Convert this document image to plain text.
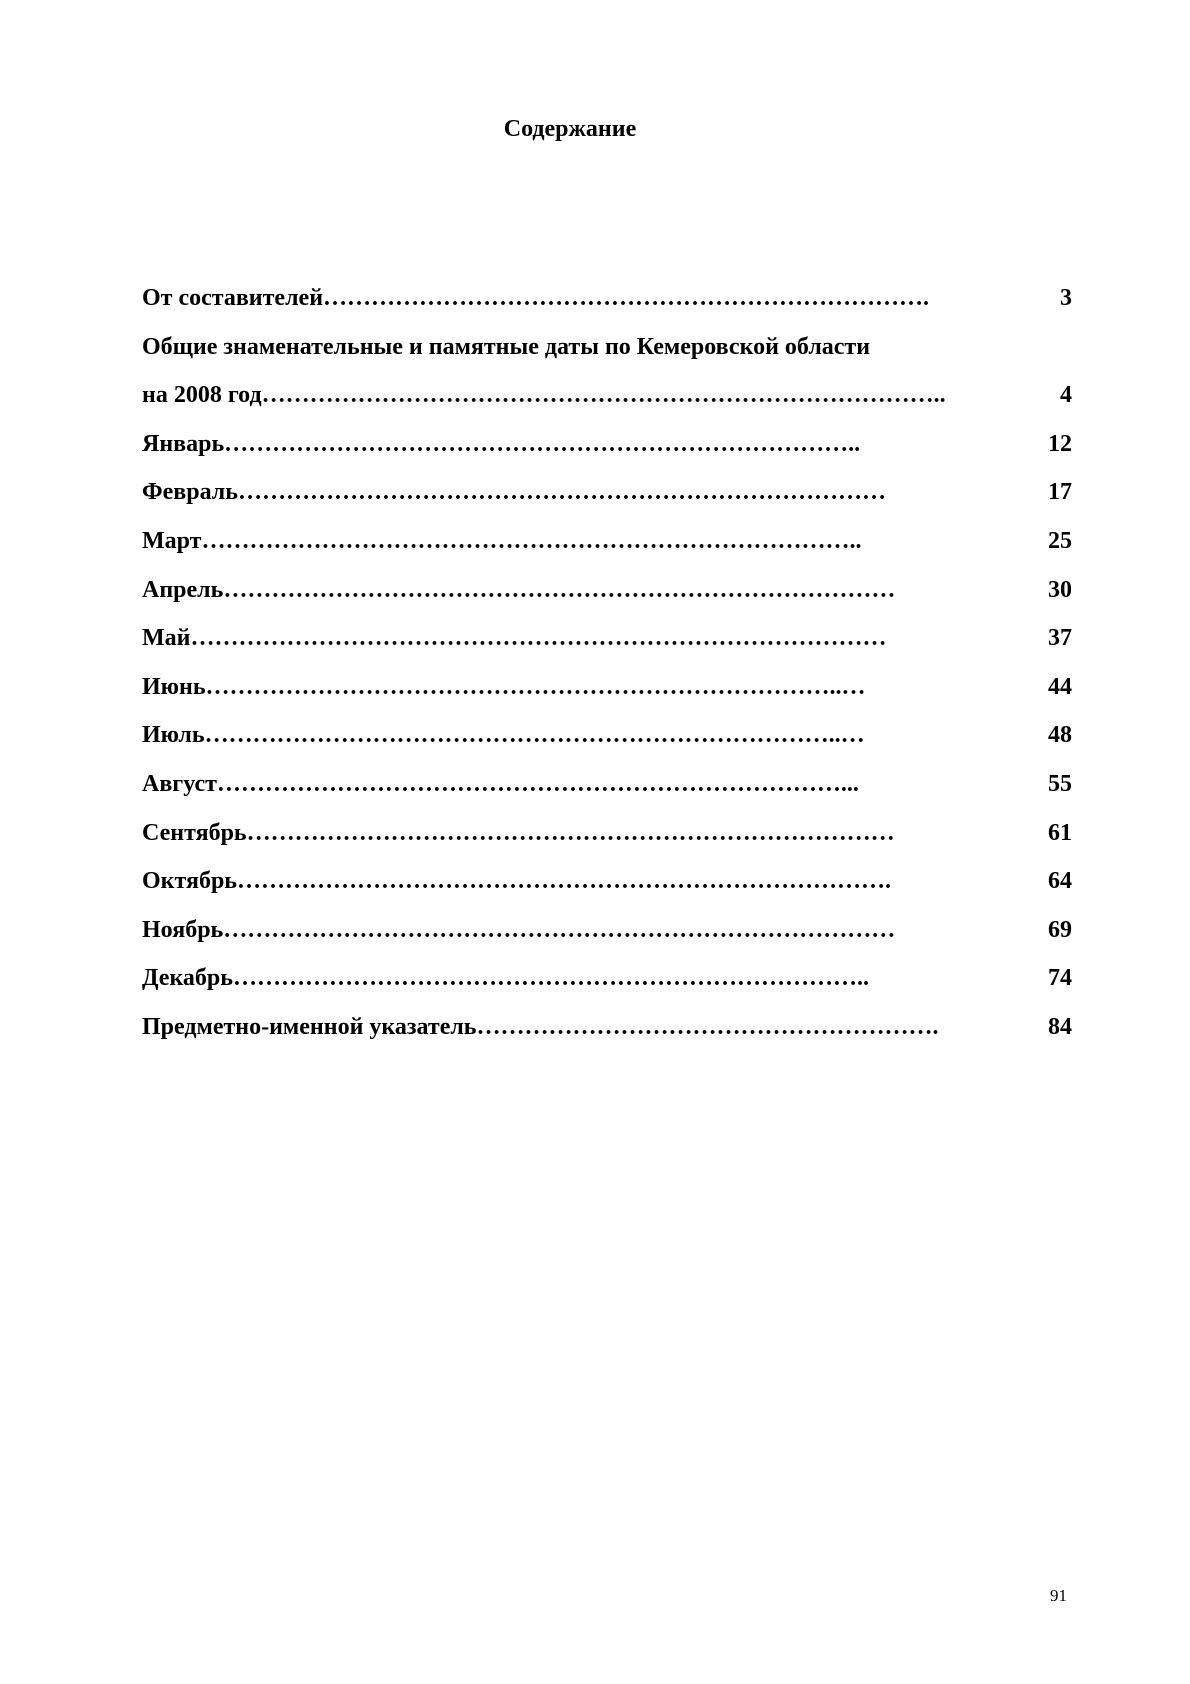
Содержание
От составителей ………………………………………………………………….	3
Общие знаменательные и памятные даты по Кемеровской области
на 2008 год …………………………………………………………………………..	4
Январь ……………………………………………………………………..	12
Февраль ………………………………………………………………………	17
Март ………………………………………………………………………..	25
Апрель …………………………………………………………………………	30
Май ……………………………………………………………………………	37
Июнь ……………………………………………………………………..…	44
Июль ……………………………………………………………………..…	48
Август ……………………………………………………………………...	55
Сентябрь ………………………………………………………………………	61
Октябрь ……………………………………………………………………….	64
Ноябрь …………………………………………………………………………	69
Декабрь ……………………………………………………………………..	74
Предметно-именной указатель ………………………………………………….	84
91
